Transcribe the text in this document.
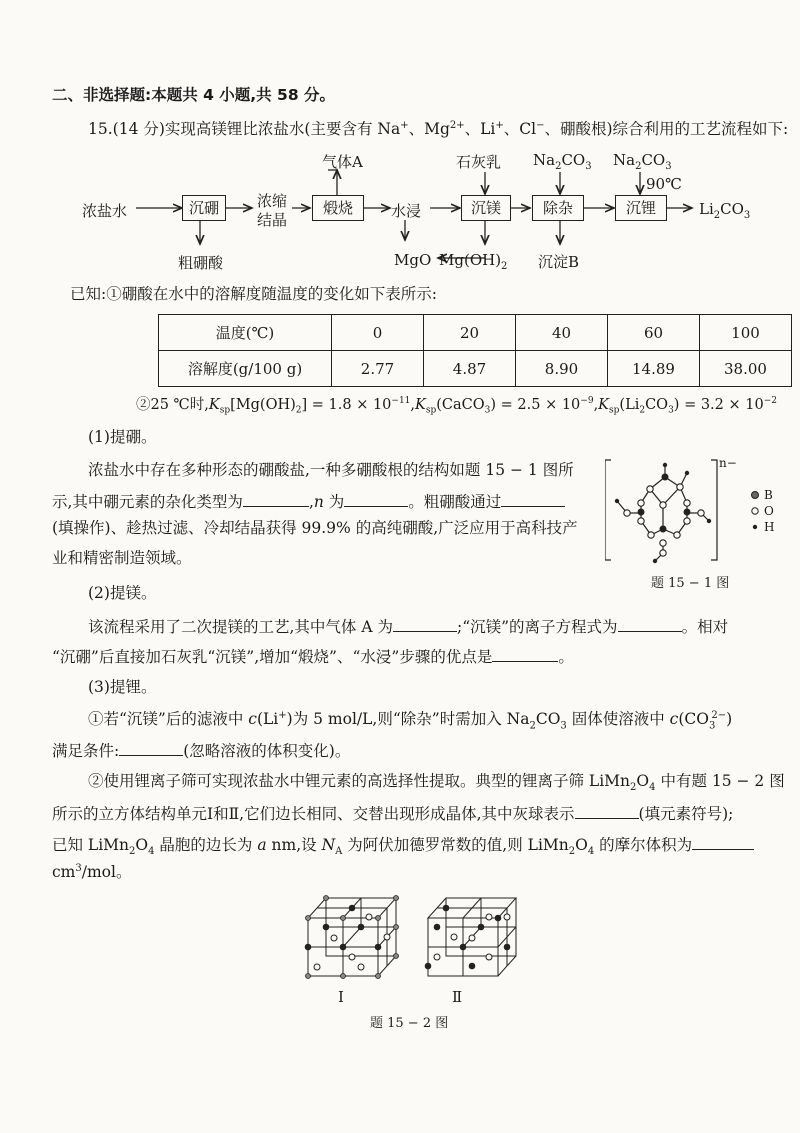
二、非选择题:本题共 4 小题,共 58 分。
15.(14 分)实现高镁锂比浓盐水(主要含有 Na+、$Mg^{2+}$、Li+、Cl−、硼酸根)综合利用的工艺流程如下:
浓盐水	沉硼
粗硼酸
浓缩
结晶
煅烧
气体A
水浸
MgO $Mg(OH)_2$
沉镁
石灰乳
除杂
$Na_2CO_3$
沉淀B
沉锂
$Na_2CO_3$
90℃
$Li_2CO_3$
已知:①硼酸在水中的溶解度随温度的变化如下表所示:
温度(℃)	0	20	40	60	100
溶解度(g/100 g)	2.77	4.87	8.90	14.89	38.00
②25 ℃时$,K_{sp}[Mg(OH)_2] = 1.8$ × $10^{-11},K_{sp}(CaCO_3) = 2.5 \times 10^{-9},K_{sp}(Li_2CO_3) = 3.2 \times 10^{-2}$
(1)提硼。
浓盐水中存在多种形态的硼酸盐,一种多硼酸根的结构如题 15 − 1 图所
示,其中硼元素的杂化类型为	,n 为	。粗硼酸通过
(填操作)、趁热过滤、冷却结晶获得 99.9% 的高纯硼酸,广泛应用于高科技产
业和精密制造领域。
n−
B
O
H
题 15 − 1 图
(2)提镁。
该流程采用了二次提镁的工艺,其中气体 A 为	;“沉镁”的离子方程式为	。相对
“沉硼”后直接加石灰乳“沉镁”,增加“煅烧”、“水浸”步骤的优点是	。
(3)提锂。
①若“沉镁”后的滤液中 c(Li+)为 5 mol/L,则“除杂”时需加入 $Na_2CO_3$ 固体使溶液中 $c(CO_3^{2-})$
满足条件:	(忽略溶液的体积变化)。
②使用锂离子筛可实现浓盐水中锂元素的高选择性提取。典型的锂离子筛 $LiMn_2O_4$ 中有题 15 − 2 图
所示的立方体结构单元Ⅰ和Ⅱ,它们边长相同、交替出现形成晶体,其中灰球表示	(填元素符号);
已知 $LiMn_2O_4$ 晶胞的边长为 a nm,设 $N_A$ 为阿伏加德罗常数的值,则 $LiMn_2O_4$ 的摩尔体积为
$cm^3$/mol。
Ⅰ	Ⅱ
题 15 − 2 图
